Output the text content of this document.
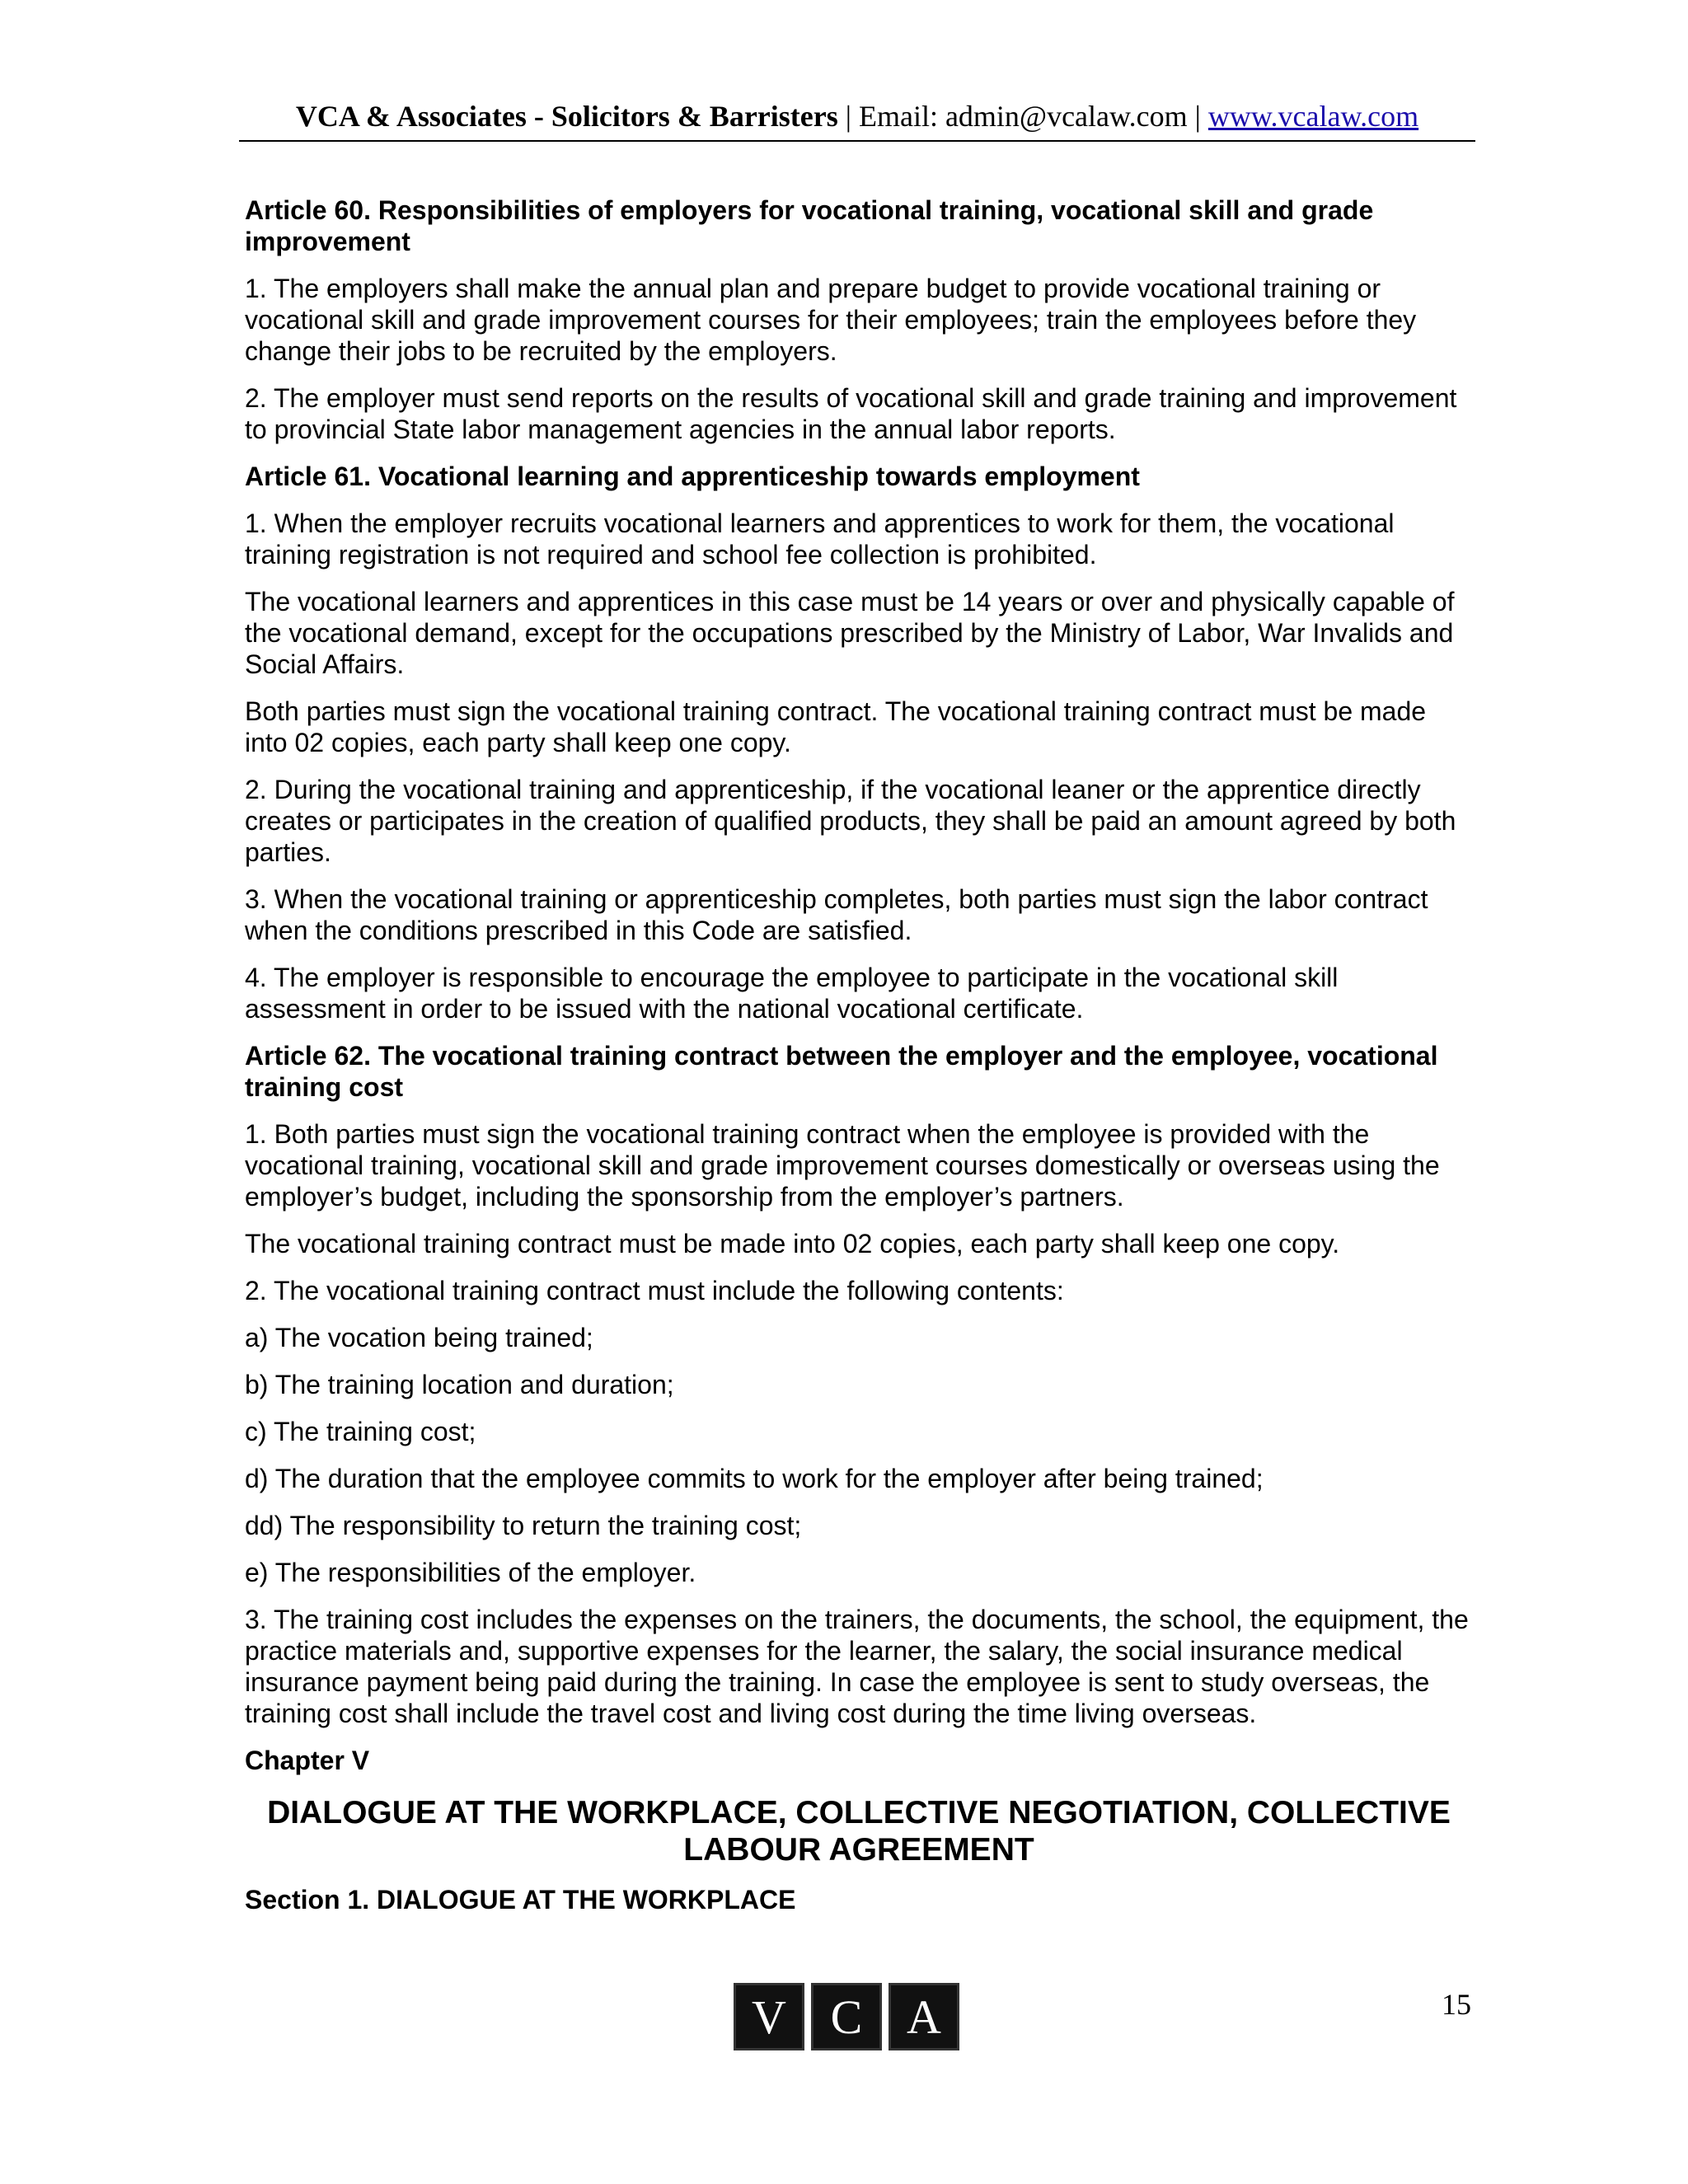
VCA & Associates - Solicitors & Barristers | Email: admin@vcalaw.com | www.vcalaw.com

Article 60. Responsibilities of employers for vocational training, vocational skill and grade improvement

1. The employers shall make the annual plan and prepare budget to provide vocational training or vocational skill and grade improvement courses for their employees; train the employees before they change their jobs to be recruited by the employers.

2. The employer must send reports on the results of vocational skill and grade training and improvement to provincial State labor management agencies in the annual labor reports.

Article 61. Vocational learning and apprenticeship towards employment

1. When the employer recruits vocational learners and apprentices to work for them, the vocational training registration is not required and school fee collection is prohibited.

The vocational learners and apprentices in this case must be 14 years or over and physically capable of the vocational demand, except for the occupations prescribed by the Ministry of Labor, War Invalids and Social Affairs.

Both parties must sign the vocational training contract. The vocational training contract must be made into 02 copies, each party shall keep one copy.

2. During the vocational training and apprenticeship, if the vocational leaner or the apprentice directly creates or participates in the creation of qualified products, they shall be paid an amount agreed by both parties.

3. When the vocational training or apprenticeship completes, both parties must sign the labor contract when the conditions prescribed in this Code are satisfied.

4. The employer is responsible to encourage the employee to participate in the vocational skill assessment in order to be issued with the national vocational certificate.

Article 62. The vocational training contract between the employer and the employee, vocational training cost

1. Both parties must sign the vocational training contract when the employee is provided with the vocational training, vocational skill and grade improvement courses domestically or overseas using the employer’s budget, including the sponsorship from the employer’s partners.

The vocational training contract must be made into 02 copies, each party shall keep one copy.

2. The vocational training contract must include the following contents:

a) The vocation being trained;

b) The training location and duration;

c) The training cost;

d) The duration that the employee commits to work for the employer after being trained;

dd) The responsibility to return the training cost;

e) The responsibilities of the employer.

3. The training cost includes the expenses on the trainers, the documents, the school, the equipment, the practice materials and, supportive expenses for the learner, the salary, the social insurance medical insurance payment being paid during the training. In case the employee is sent to study overseas, the training cost shall include the travel cost and living cost during the time living overseas.

Chapter V

DIALOGUE AT THE WORKPLACE, COLLECTIVE NEGOTIATION, COLLECTIVE LABOUR AGREEMENT

Section 1. DIALOGUE AT THE WORKPLACE

V C A	15
